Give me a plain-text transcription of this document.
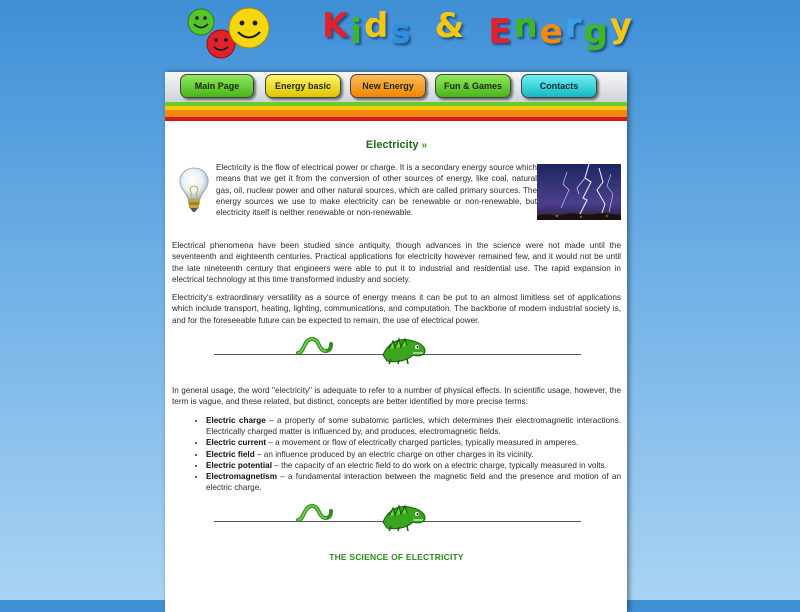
Kids & Energy
Main Page	Energy basic	New Energy	Fun & Games	Contacts
Electricity »

Electricity is the flow of electrical power or charge. It is a secondary energy source which means that we get it from the conversion of other sources of energy, like coal, natural gas, oil, nuclear power and other natural sources, which are called primary sources. The energy sources we use to make electricity can be renewable or non-renewable, but electricity itself is neither renewable or non-renewable.

Electrical phenomena have been studied since antiquity, though advances in the science were not made until the seventeenth and eighteenth centuries. Practical applications for electricity however remained few, and it would not be until the late nineteenth century that engineers were able to put it to industrial and residential use. The rapid expansion in electrical technology at this time transformed industry and society.

Electricity's extraordinary versatility as a source of energy means it can be put to an almost limitless set of applications which include transport, heating, lighting, communications, and computation. The backbone of modern industrial society is, and for the foreseeable future can be expected to remain, the use of electrical power.

In general usage, the word "electricity" is adequate to refer to a number of physical effects. In scientific usage, however, the term is vague, and these related, but distinct, concepts are better identified by more precise terms:

• Electric charge – a property of some subatomic particles, which determines their electromagnetic interactions. Electrically charged matter is influenced by, and produces, electromagnetic fields.
• Electric current – a movement or flow of electrically charged particles, typically measured in amperes.
• Electric field – an influence produced by an electric charge on other charges in its vicinity.
• Electric potential – the capacity of an electric field to do work on a electric charge, typically measured in volts.
• Electromagnetism – a fundamental interaction between the magnetic field and the presence and motion of an electric charge.
THE SCIENCE OF ELECTRICITY
